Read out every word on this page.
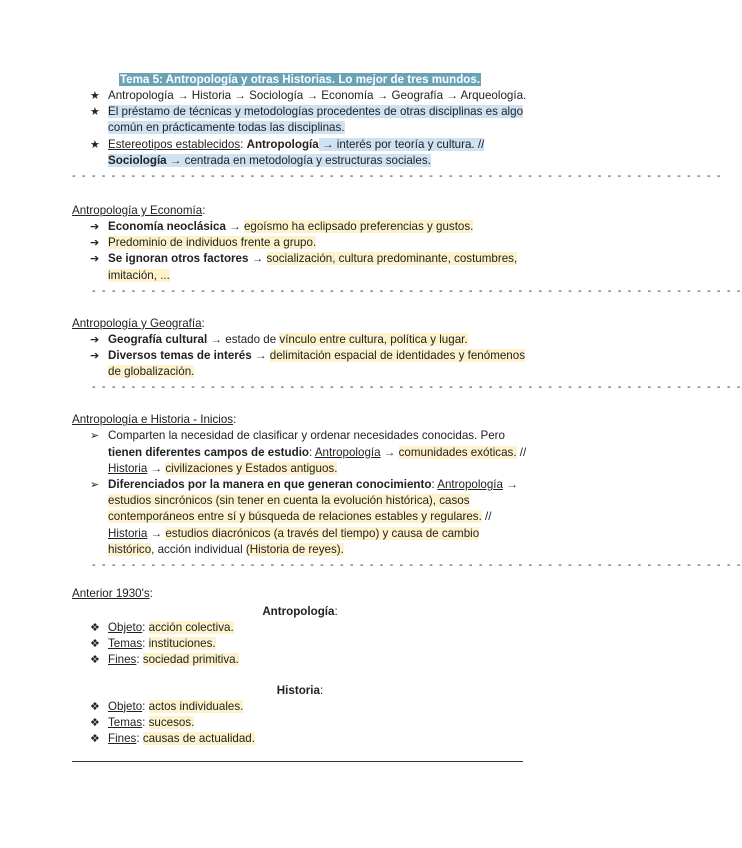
Tema 5: Antropología y otras Historias. Lo mejor de tres mundos.
★ Antropología → Historia → Sociología → Economía → Geografía → Arqueología.
★ El préstamo de técnicas y metodologías procedentes de otras disciplinas es algo común en prácticamente todas las disciplinas.
★ Estereotipos establecidos: Antropología → interés por teoría y cultura. // Sociología → centrada en metodología y estructuras sociales.
- - - - - - - - - - - - - - - - - - - - - - - - - - - - - - - - - - - - - - - - - - - - - - - - - - - - - - - - - - - - - - - - - -
Antropología y Economía:
➔ Economía neoclásica → egoísmo ha eclipsado preferencias y gustos.
➔ Predominio de individuos frente a grupo.
➔ Se ignoran otros factores → socialización, cultura predominante, costumbres, imitación, ...
- - - - - - - - - - - - - - - - - - - - - - - - - - - - - - - - - - - - - - - - - - - - - - - - - - - - - - - - - - - - - - - - - -
Antropología y Geografía:
➔ Geografía cultural → estado de vínculo entre cultura, política y lugar.
➔ Diversos temas de interés → delimitación espacial de identidades y fenómenos de globalización.
- - - - - - - - - - - - - - - - - - - - - - - - - - - - - - - - - - - - - - - - - - - - - - - - - - - - - - - - - - - - - - - - - -
Antropología e Historia - Inicios:
➢ Comparten la necesidad de clasificar y ordenar necesidades conocidas. Pero tienen diferentes campos de estudio: Antropología → comunidades exóticas. // Historia → civilizaciones y Estados antiguos.
➢ Diferenciados por la manera en que generan conocimiento: Antropología → estudios sincrónicos (sin tener en cuenta la evolución histórica), casos contemporáneos entre sí y búsqueda de relaciones estables y regulares. // Historia → estudios diacrónicos (a través del tiempo) y causa de cambio histórico, acción individual (Historia de reyes).
- - - - - - - - - - - - - - - - - - - - - - - - - - - - - - - - - - - - - - - - - - - - - - - - - - - - - - - - - - - - - - - - - -
Anterior 1930's:
Antropología:
❖ Objeto: acción colectiva.
❖ Temas: instituciones.
❖ Fines: sociedad primitiva.
Historia:
❖ Objeto: actos individuales.
❖ Temas: sucesos.
❖ Fines: causas de actualidad.
